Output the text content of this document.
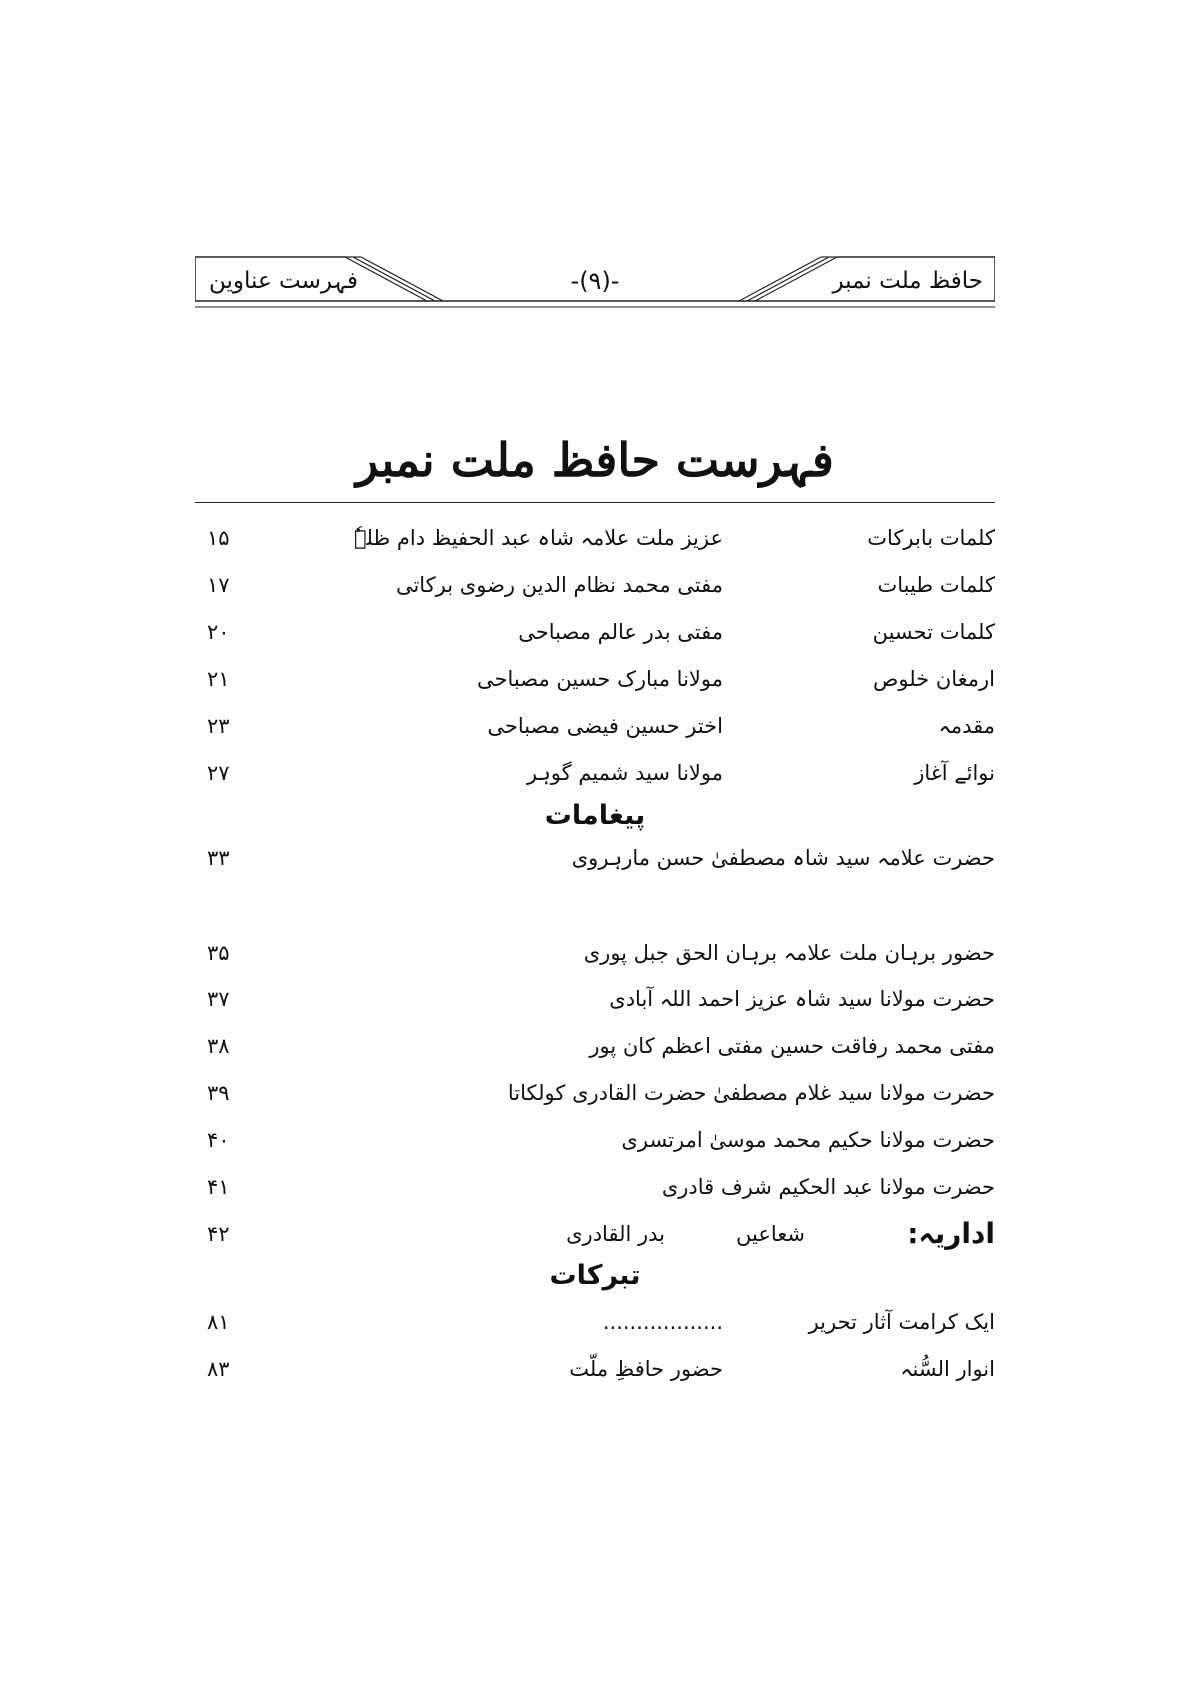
حافظ ملت نمبر
-(۹)-
فہرست عناوین
فہرست حافظ ملت نمبر
کلمات بابرکات
عزیز ملت علامہ شاہ عبد الحفیظ دام ظلہٗ
۱۵
کلمات طیبات
مفتی محمد نظام الدین رضوی برکاتی
۱۷
کلمات تحسین
مفتی بدر عالم مصباحی
۲۰
ارمغان خلوص
مولانا مبارک حسین مصباحی
۲۱
مقدمہ
اختر حسین فیضی مصباحی
۲۳
نوائے آغاز
مولانا سید شمیم گوہر
۲۷
پیغامات
حضرت علامہ سید شاہ مصطفیٰ حسن مارہروی
۳۳
حضور برہان ملت علامہ برہان الحق جبل پوری
۳۵
حضرت مولانا سید شاہ عزیز احمد اللہ آبادی
۳۷
مفتی محمد رفاقت حسین مفتی اعظم کان پور
۳۸
حضرت مولانا سید غلام مصطفیٰ حضرت القادری کولکاتا
۳۹
حضرت مولانا حکیم محمد موسیٰ امرتسری
۴۰
حضرت مولانا عبد الحکیم شرف قادری
۴۱
اداریہ:
شعاعیں
بدر القادری
۴۲
تبرکات
ایک کرامت آثار تحریر
..................
۸۱
انوار السُّنہ
حضور حافظِ ملّت
۸۳
